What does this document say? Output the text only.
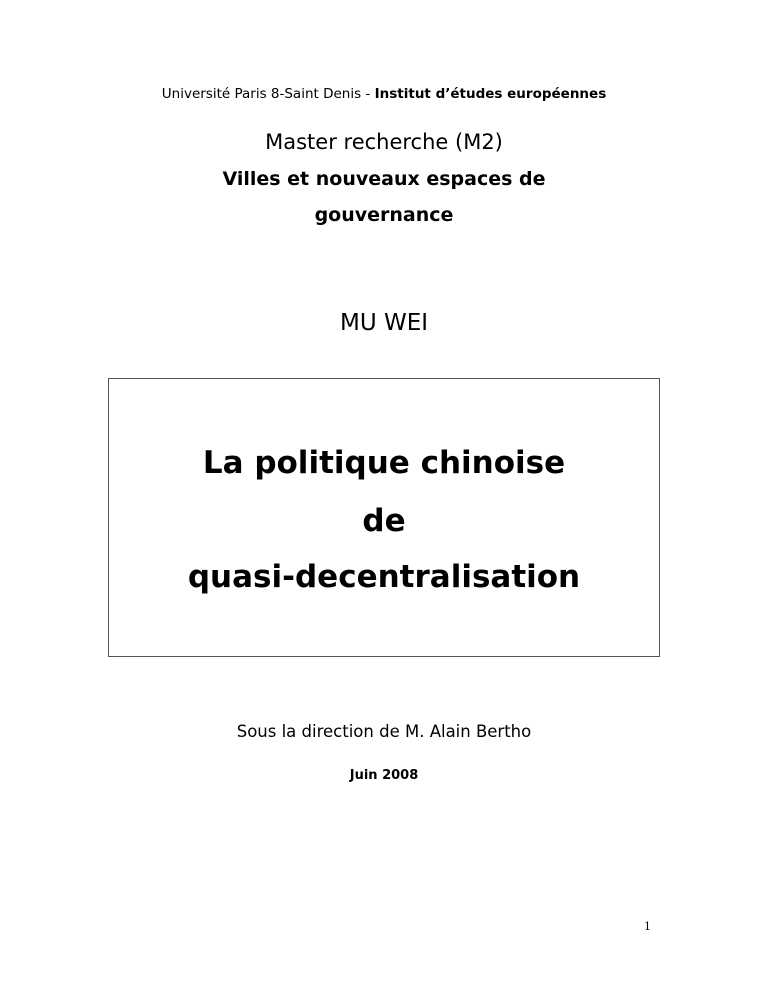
Université Paris 8-Saint Denis - Institut d’études européennes
Master recherche (M2)
Villes et nouveaux espaces de
gouvernance
MU WEI
La politique chinoise
de
quasi-decentralisation
Sous la direction de M. Alain Bertho
Juin 2008
1
